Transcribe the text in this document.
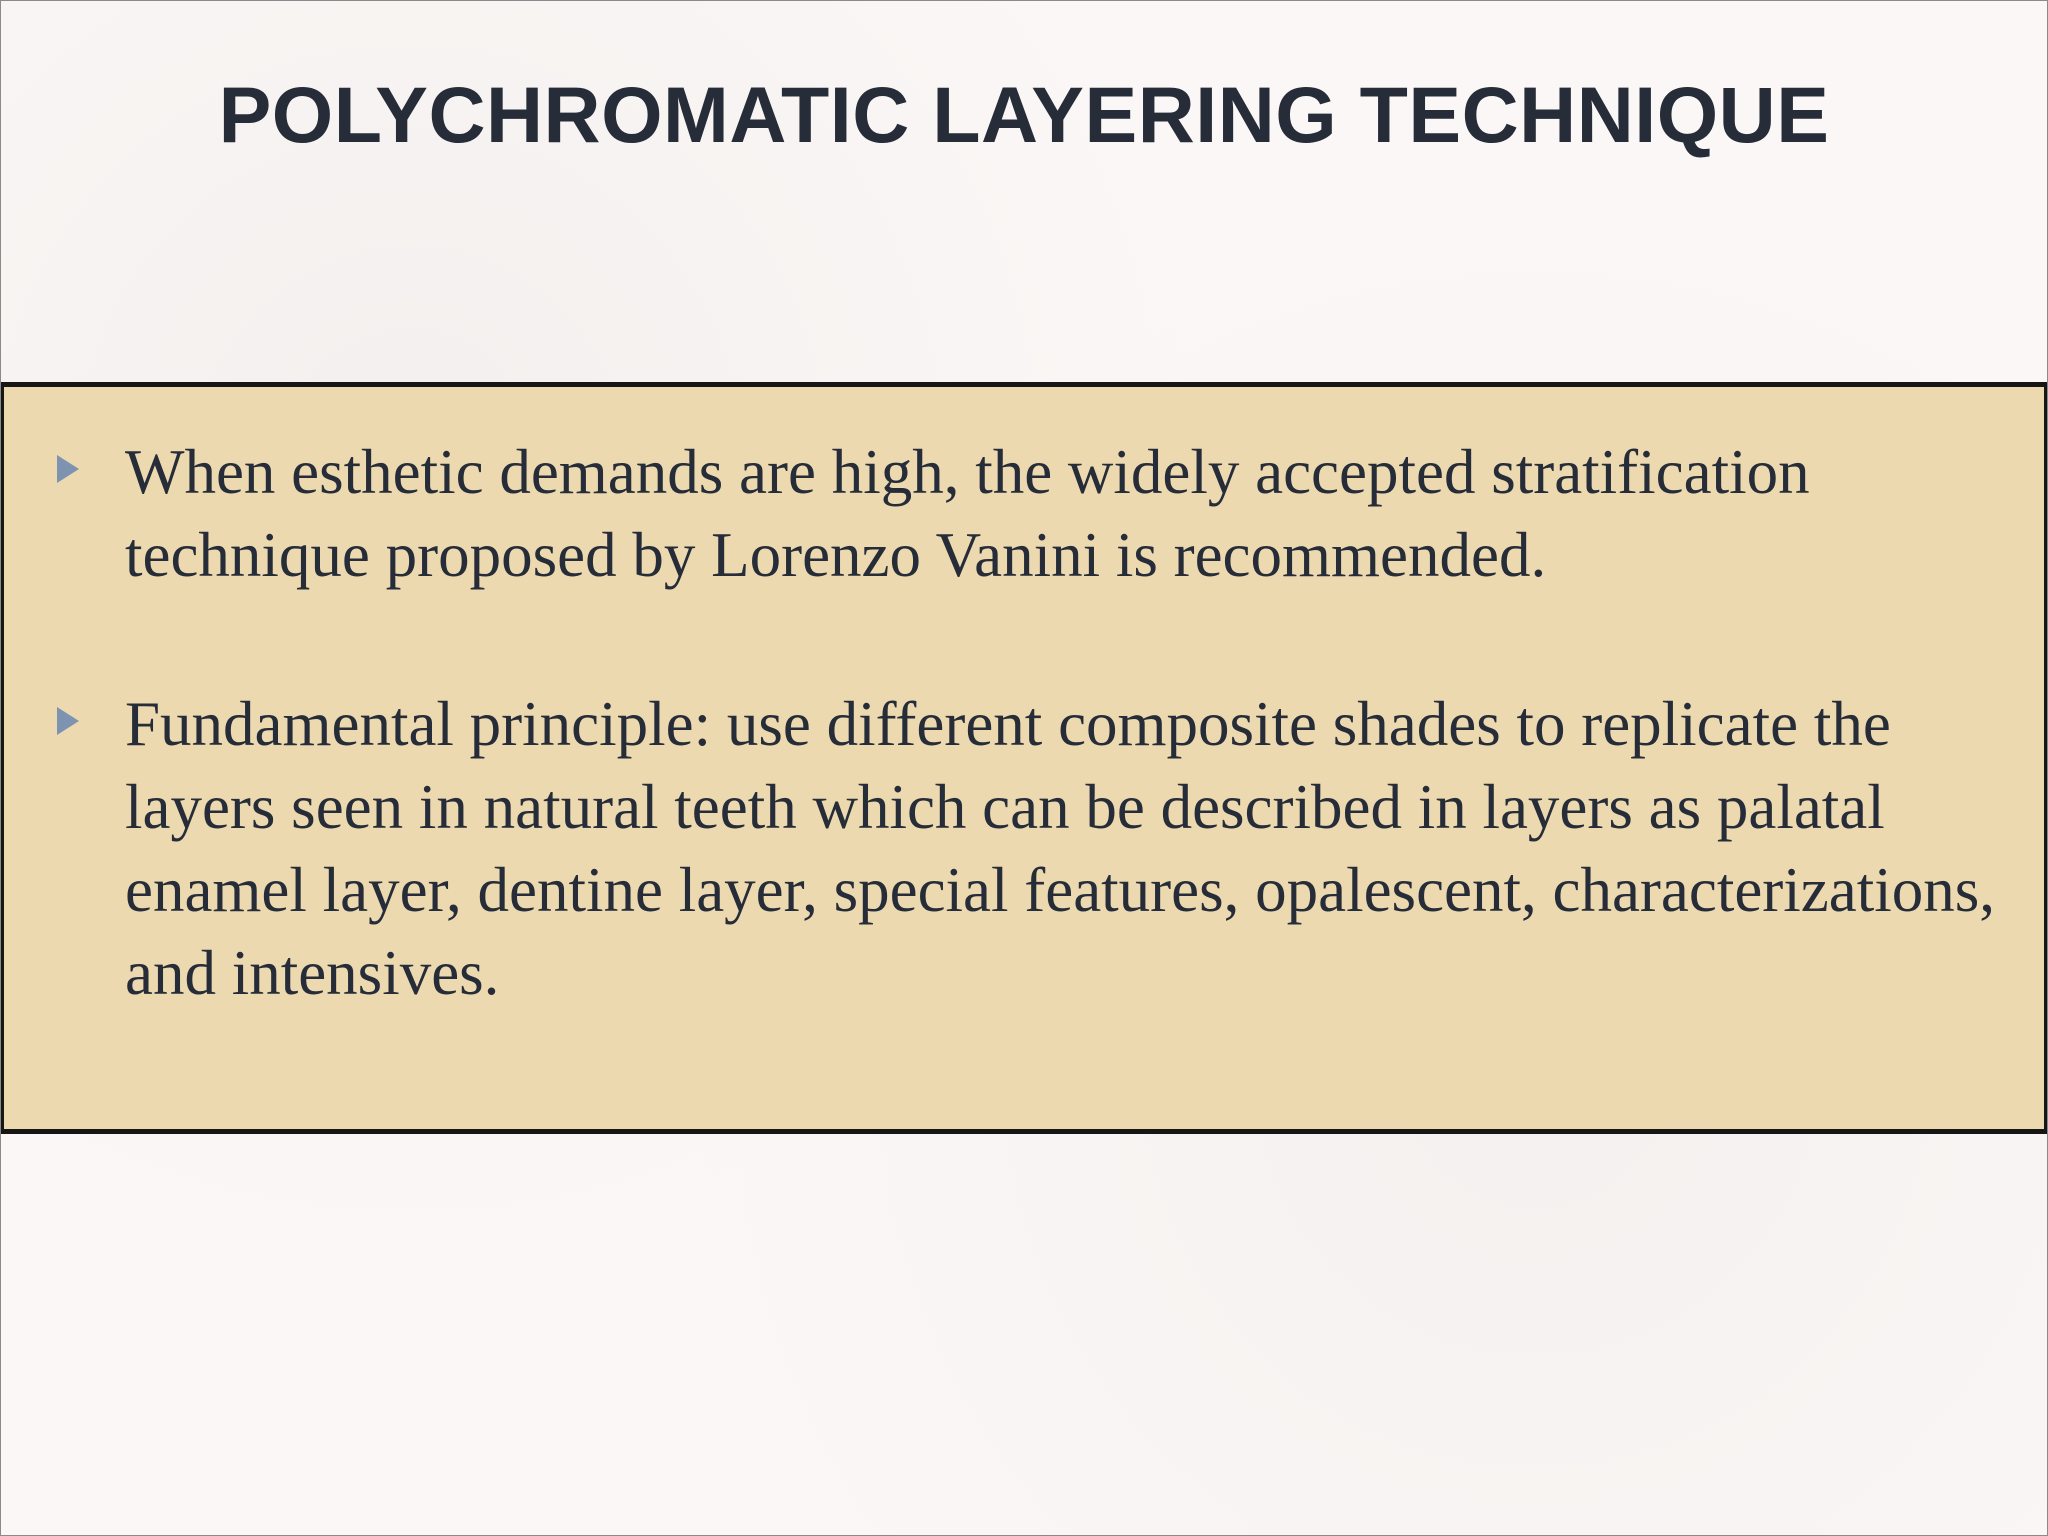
POLYCHROMATIC LAYERING TECHNIQUE
When esthetic demands are high, the widely accepted stratification technique proposed by Lorenzo Vanini is recommended.
Fundamental principle: use different composite shades to replicate the layers seen in natural teeth which can be described in layers as palatal enamel layer, dentine layer, special features, opalescent, characterizations, and intensives.
